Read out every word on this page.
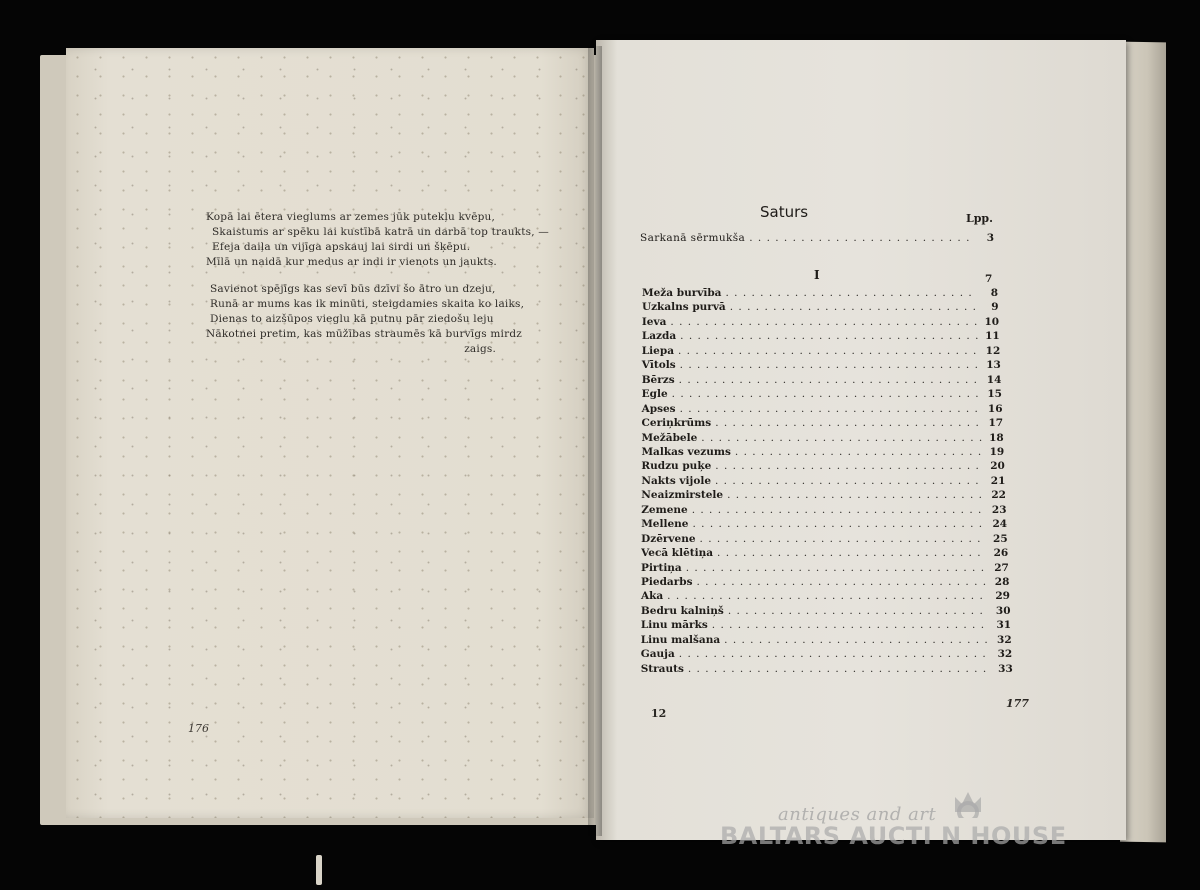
Kopā lai ētera vieglums ar zemes jūk putekļu kvēpu,
Skaistums ar spēku lai kustībā katrā un darbā top traukts, —
Efeja daiļa un vijīga apskauj lai sirdi un šķēpu.
Mīlā un naidā kur medus ar indi ir vienots un jaukts.
Savienot spējīgs kas sevī būs dzīvi šo ātro un dzeju,
Runā ar mums kas ik minūti, steigdamies skaita ko laiks,
Dienas to aizšūpos vieglu kā putnu pār ziedošu leju
Nākotnei pretim, kas mūžības straumēs kā burvīgs mirdz
zaigs.
176
Saturs	Lpp.
Sarkanā sērmukša . . .	3
I	7
Meža burvība . . .	8
Uzkalns purvā . . .	9
Ieva . . .	10
Lazda . . .	11
Liepa . . .	12
Vītols . . .	13
Bērzs . . .	14
Egle . . .	15
Apses . . .	16
Ceriņkrūms . . .	17
Mežābele . . .	18
Malkas vezums . . .	19
Rudzu puķe . . .	20
Nakts vijole . . .	21
Neaizmirstele . . .	22
Zemene . . .	23
Mellene . . .	24
Dzērvene . . .	25
Vecā klētiņa . . .	26
Pirtiņa . . .	27
Piedarbs . . .	28
Aka . . .	29
Bedru kalniņš . . .	30
Linu mārks . . .	31
Linu malšana . . .	32
Gauja . . .	32
Strauts . . .	33
12
177
antiques and art
BALTARS AUCTI N HOUSE
